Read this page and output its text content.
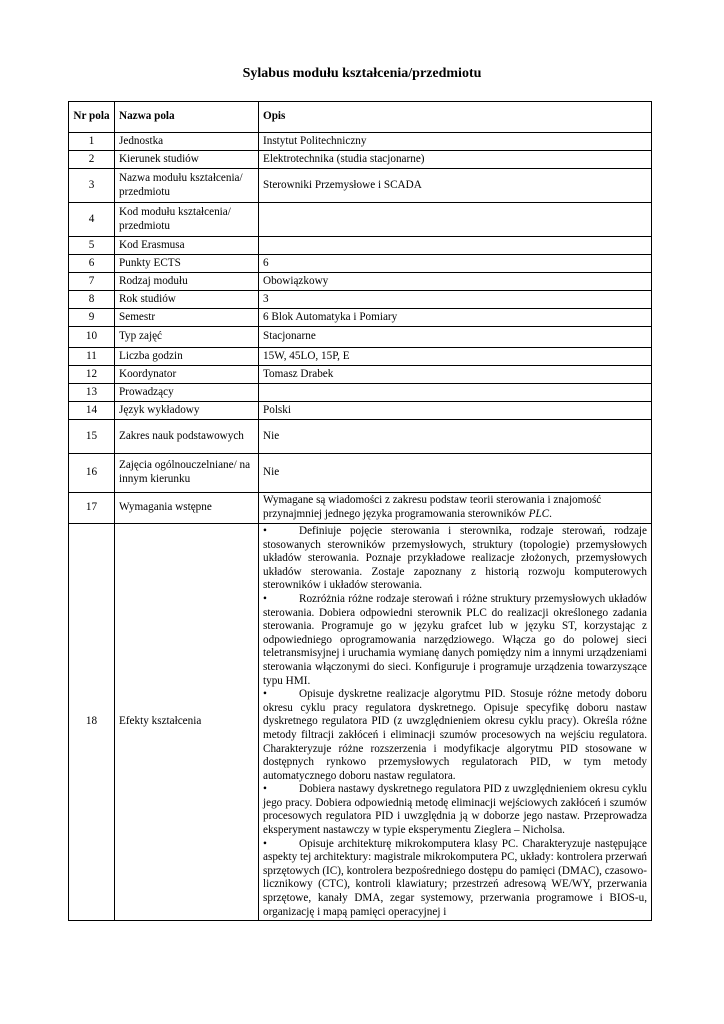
Sylabus modułu kształcenia/przedmiotu
Nr pola	Nazwa pola	Opis
1	Jednostka	Instytut Politechniczny
2	Kierunek studiów	Elektrotechnika (studia stacjonarne)
3	Nazwa modułu kształcenia/ przedmiotu	Sterowniki Przemysłowe i SCADA
4	Kod modułu kształcenia/ przedmiotu	
5	Kod Erasmusa	
6	Punkty ECTS	6
7	Rodzaj modułu	Obowiązkowy
8	Rok studiów	3
9	Semestr	6 Blok Automatyka i Pomiary
10	Typ zajęć	Stacjonarne
11	Liczba godzin	15W, 45LO, 15P, E
12	Koordynator	Tomasz Drabek
13	Prowadzący	
14	Język wykładowy	Polski
15	Zakres nauk podstawowych	Nie
16	Zajęcia ogólnouczelniane/ na innym kierunku	Nie
17	Wymagania wstępne	Wymagane są wiadomości z zakresu podstaw teorii sterowania i znajomość przynajmniej jednego języka programowania sterowników PLC.
18	Efekty kształcenia	• Definiuje pojęcie sterowania i sterownika, rodzaje sterowań, rodzaje stosowanych sterowników przemysłowych, struktury (topologie) przemysłowych układów sterowania. Poznaje przykładowe realizacje złożonych, przemysłowych układów sterowania. Zostaje zapoznany z historią rozwoju komputerowych sterowników i układów sterowania.
• Rozróżnia różne rodzaje sterowań i różne struktury przemysłowych układów sterowania. Dobiera odpowiedni sterownik PLC do realizacji określonego zadania sterowania. Programuje go w języku grafcet lub w języku ST, korzystając z odpowiedniego oprogramowania narzędziowego. Włącza go do polowej sieci teletransmisyjnej i uruchamia wymianę danych pomiędzy nim a innymi urządzeniami sterowania włączonymi do sieci. Konfiguruje i programuje urządzenia towarzyszące typu HMI.
• Opisuje dyskretne realizacje algorytmu PID. Stosuje różne metody doboru okresu cyklu pracy regulatora dyskretnego. Opisuje specyfikę doboru nastaw dyskretnego regulatora PID (z uwzględnieniem okresu cyklu pracy). Określa różne metody filtracji zakłóceń i eliminacji szumów procesowych na wejściu regulatora. Charakteryzuje różne rozszerzenia i modyfikacje algorytmu PID stosowane w dostępnych rynkowo przemysłowych regulatorach PID, w tym metody automatycznego doboru nastaw regulatora.
• Dobiera nastawy dyskretnego regulatora PID z uwzględnieniem okresu cyklu jego pracy. Dobiera odpowiednią metodę eliminacji wejściowych zakłóceń i szumów procesowych regulatora PID i uwzględnia ją w doborze jego nastaw. Przeprowadza eksperyment nastawczy w typie eksperymentu Zieglera – Nicholsa.
• Opisuje architekturę mikrokomputera klasy PC. Charakteryzuje następujące aspekty tej architektury: magistrale mikrokomputera PC, układy: kontrolera przerwań sprzętowych (IC), kontrolera bezpośredniego dostępu do pamięci (DMAC), czasowo-licznikowy (CTC), kontroli klawiatury; przestrzeń adresową WE/WY, przerwania sprzętowe, kanały DMA, zegar systemowy, przerwania programowe i BIOS-u, organizację i mapą pamięci operacyjnej i
